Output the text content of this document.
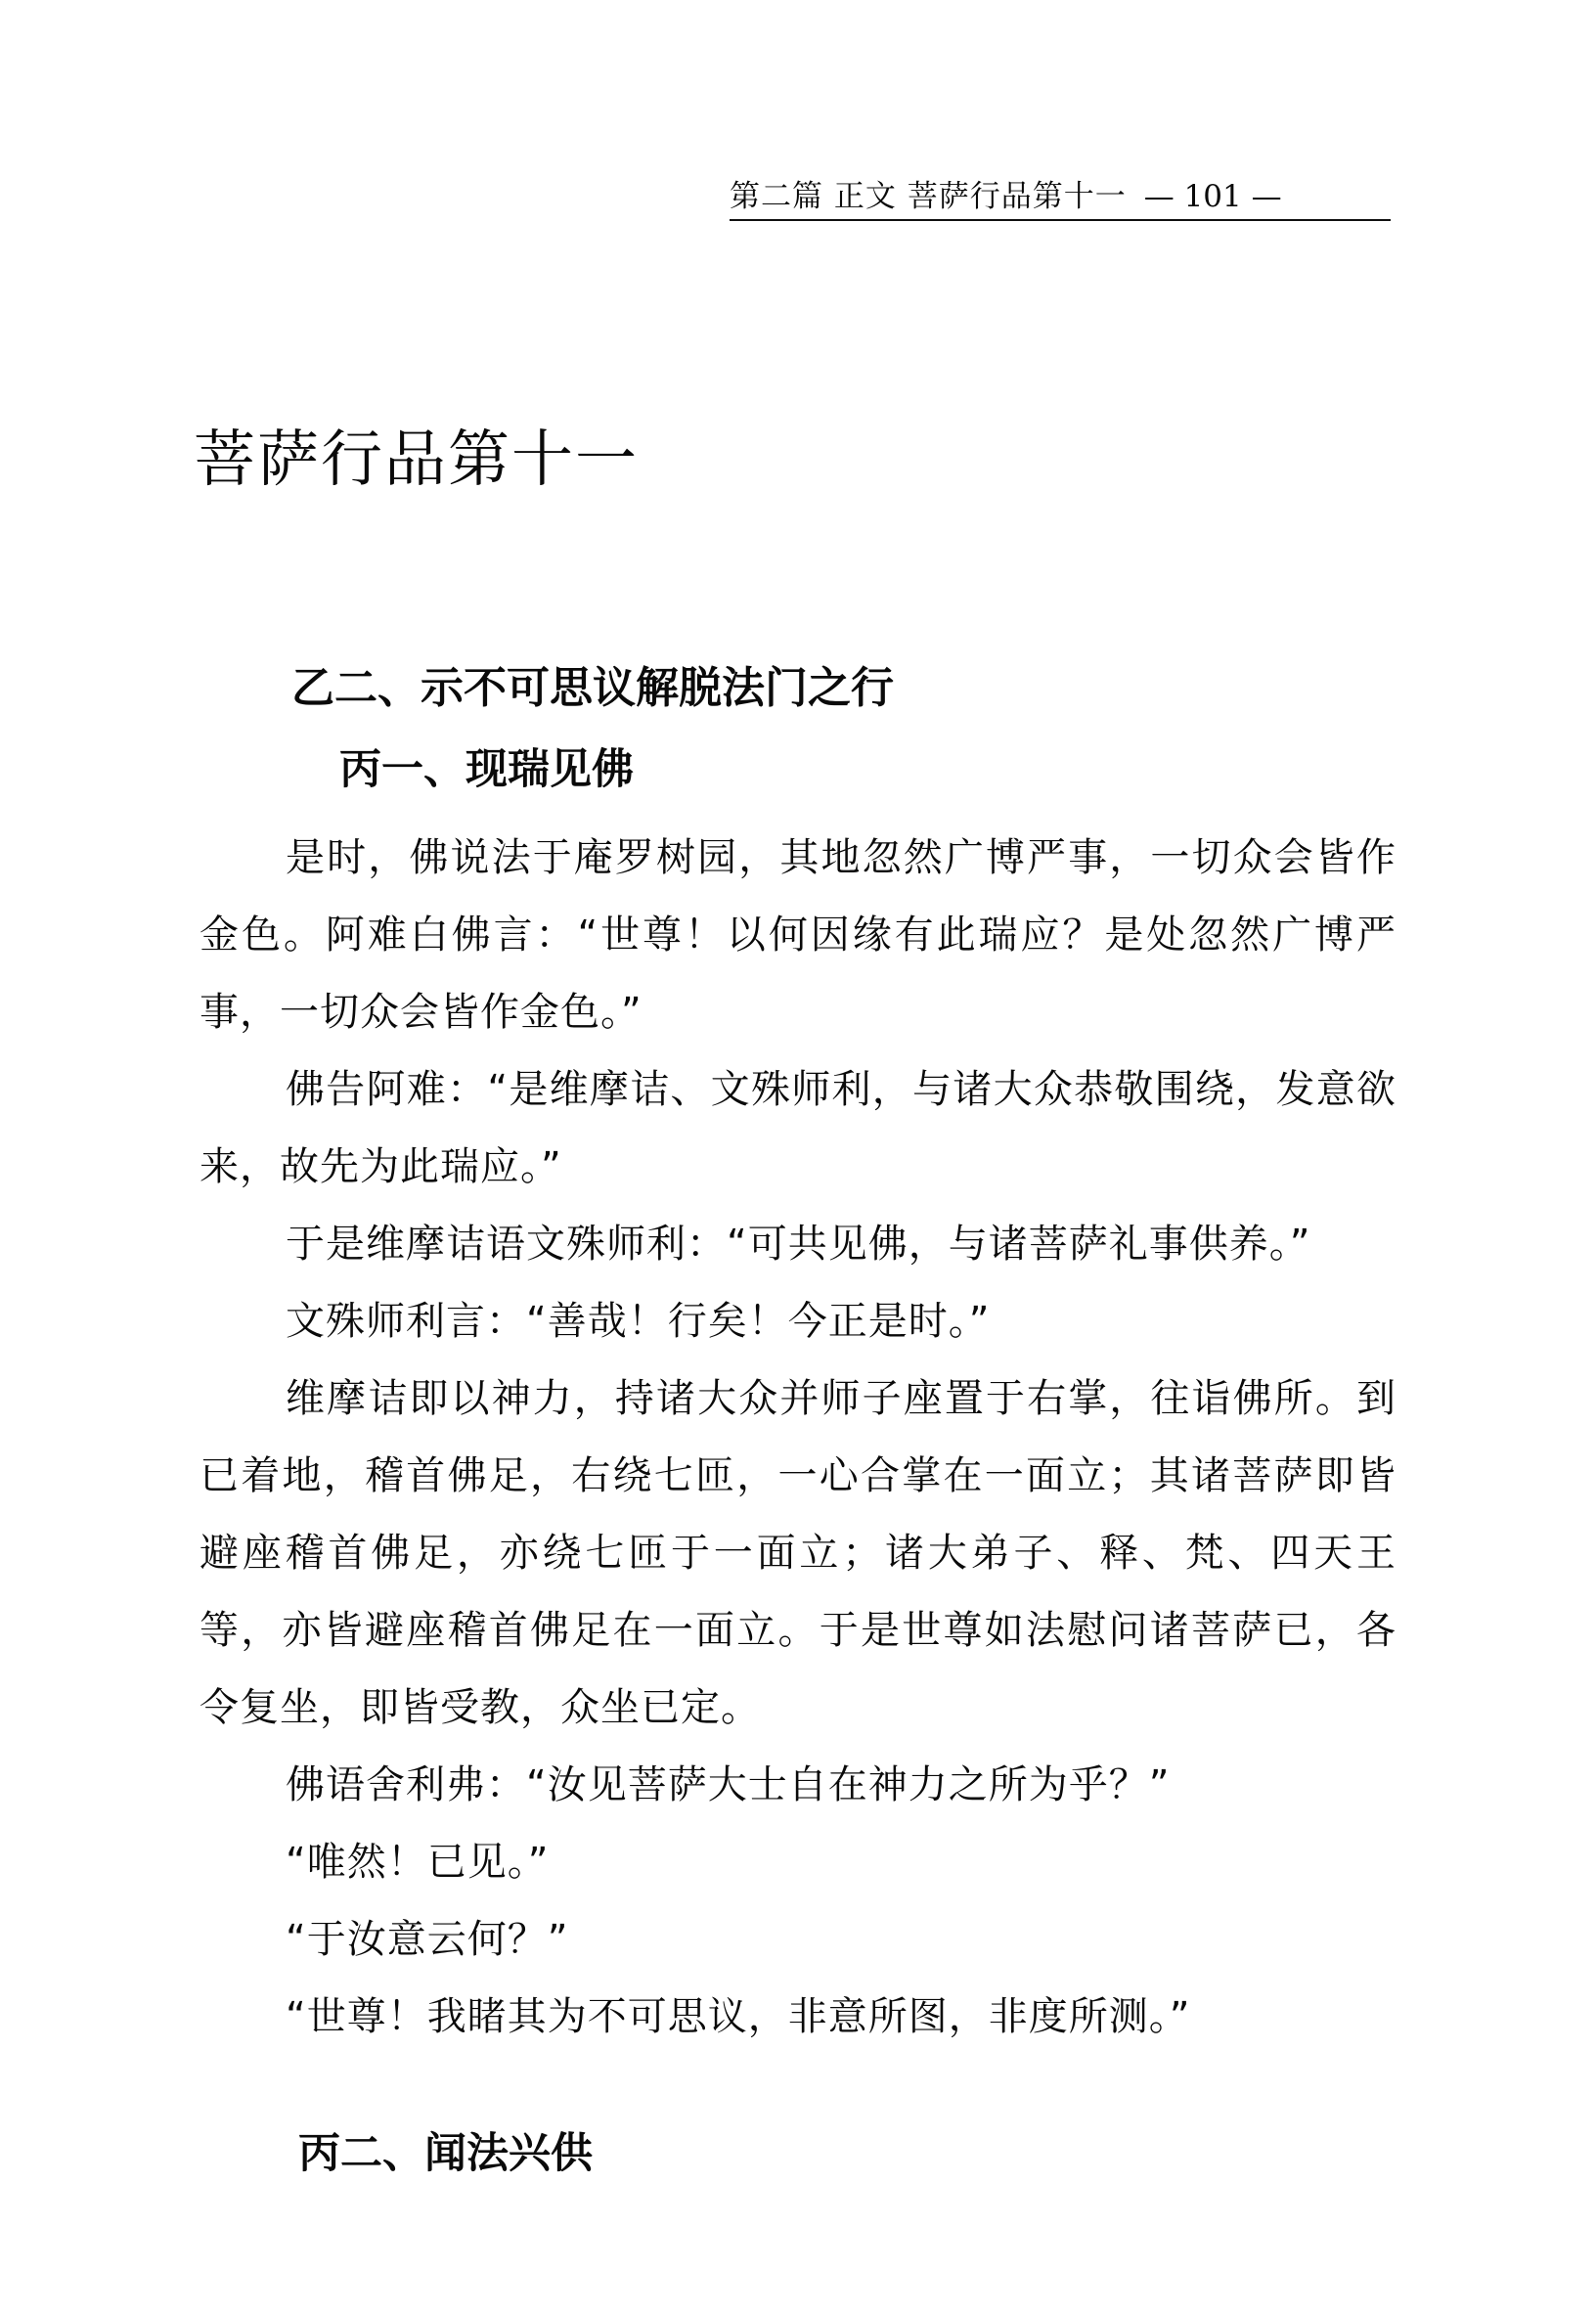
第二篇 正文 菩萨行品第十一 — 101 —
菩萨行品第十一
乙二、示不可思议解脱法门之行
丙一、现瑞见佛

是时，佛说法于庵罗树园，其地忽然广博严事，一切众会皆作金色。阿难白佛言：“世尊！以何因缘有此瑞应？是处忽然广博严事，一切众会皆作金色。”

佛告阿难：“是维摩诘、文殊师利，与诸大众恭敬围绕，发意欲来，故先为此瑞应。”

于是维摩诘语文殊师利：“可共见佛，与诸菩萨礼事供养。”

文殊师利言：“善哉！行矣！今正是时。”

维摩诘即以神力，持诸大众并师子座置于右掌，往诣佛所。到已着地，稽首佛足，右绕七匝，一心合掌在一面立；其诸菩萨即皆避座稽首佛足，亦绕七匝于一面立；诸大弟子、释、梵、四天王等，亦皆避座稽首佛足在一面立。于是世尊如法慰问诸菩萨已，各令复坐，即皆受教，众坐已定。

佛语舍利弗：“汝见菩萨大士自在神力之所为乎？”

“唯然！已见。”

“于汝意云何？”

“世尊！我睹其为不可思议，非意所图，非度所测。”

丙二、闻法兴供
